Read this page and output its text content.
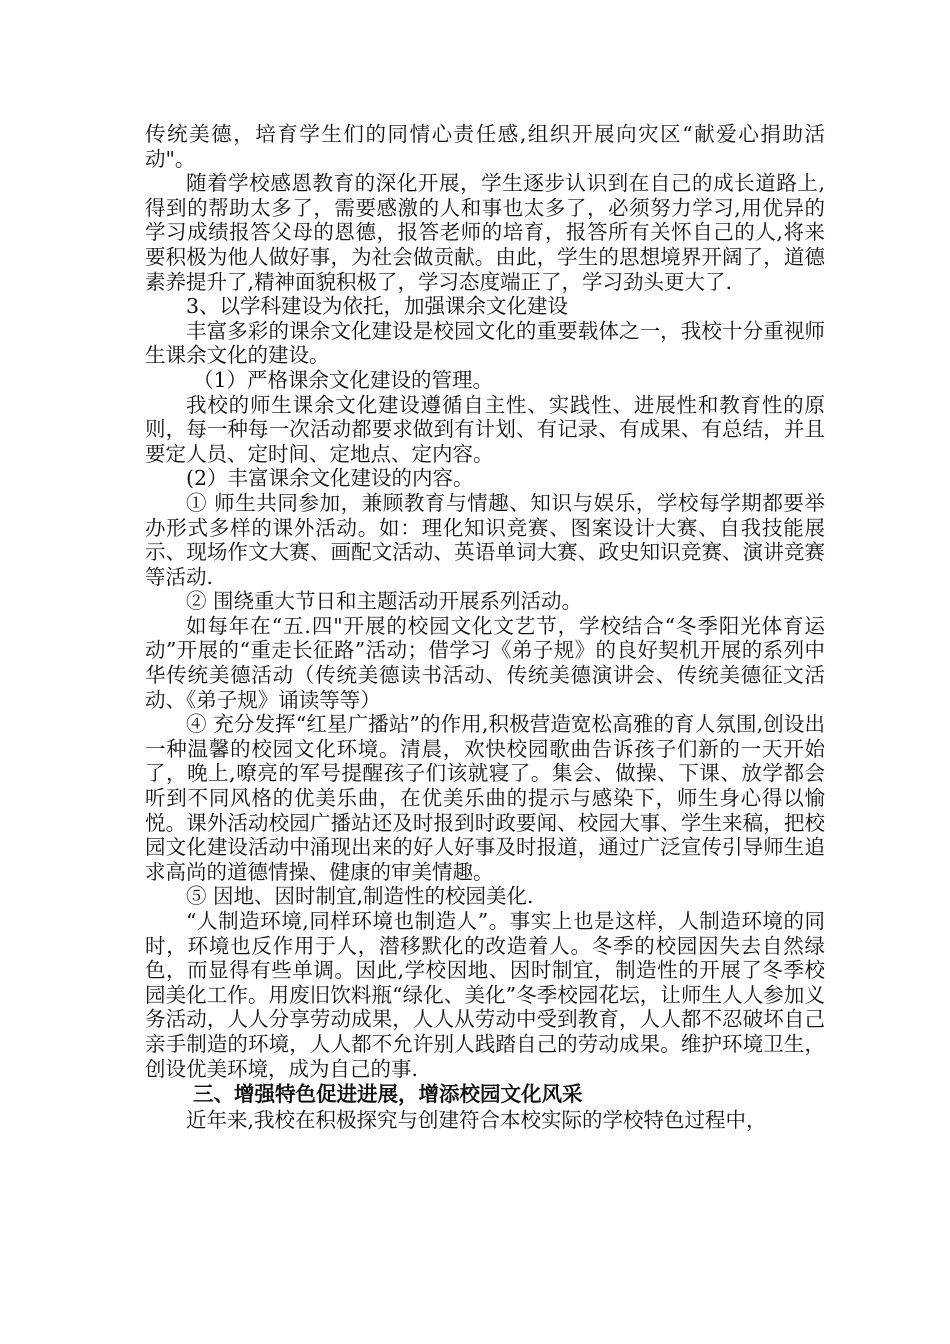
传统美德，培育学生们的同情心责任感,组织开展向灾区“献爱心捐助活动"。

随着学校感恩教育的深化开展，学生逐步认识到在自己的成长道路上,得到的帮助太多了，需要感激的人和事也太多了，必须努力学习,用优异的学习成绩报答父母的恩德，报答老师的培育，报答所有关怀自己的人,将来要积极为他人做好事，为社会做贡献。由此，学生的思想境界开阔了，道德素养提升了,精神面貌积极了，学习态度端正了，学习劲头更大了.

3、以学科建设为依托，加强课余文化建设

丰富多彩的课余文化建设是校园文化的重要载体之一，我校十分重视师生课余文化的建设。

（1）严格课余文化建设的管理。

我校的师生课余文化建设遵循自主性、实践性、进展性和教育性的原则，每一种每一次活动都要求做到有计划、有记录、有成果、有总结，并且要定人员、定时间、定地点、定内容。

(2）丰富课余文化建设的内容。

① 师生共同参加，兼顾教育与情趣、知识与娱乐，学校每学期都要举办形式多样的课外活动。如：理化知识竞赛、图案设计大赛、自我技能展示、现场作文大赛、画配文活动、英语单词大赛、政史知识竞赛、演讲竞赛等活动.

② 围绕重大节日和主题活动开展系列活动。

如每年在“五.四"开展的校园文化文艺节，学校结合“冬季阳光体育运动”开展的“重走长征路”活动；借学习《弟子规》的良好契机开展的系列中华传统美德活动（传统美德读书活动、传统美德演讲会、传统美德征文活动、《弟子规》诵读等等）

④ 充分发挥“红星广播站”的作用,积极营造宽松高雅的育人氛围,创设出一种温馨的校园文化环境。清晨，欢快校园歌曲告诉孩子们新的一天开始了，晚上,嘹亮的军号提醒孩子们该就寝了。集会、做操、下课、放学都会听到不同风格的优美乐曲，在优美乐曲的提示与感染下，师生身心得以愉悦。课外活动校园广播站还及时报到时政要闻、校园大事、学生来稿，把校园文化建设活动中涌现出来的好人好事及时报道，通过广泛宣传引导师生追求高尚的道德情操、健康的审美情趣。

⑤ 因地、因时制宜,制造性的校园美化.

“人制造环境,同样环境也制造人”。事实上也是这样，人制造环境的同时，环境也反作用于人，潜移默化的改造着人。冬季的校园因失去自然绿色，而显得有些单调。因此,学校因地、因时制宜，制造性的开展了冬季校园美化工作。用废旧饮料瓶“绿化、美化”冬季校园花坛，让师生人人参加义务活动，人人分享劳动成果，人人从劳动中受到教育，人人都不忍破坏自己亲手制造的环境，人人都不允许别人践踏自己的劳动成果。维护环境卫生，创设优美环境，成为自己的事.

三、增强特色促进进展，增添校园文化风采

近年来,我校在积极探究与创建符合本校实际的学校特色过程中，
